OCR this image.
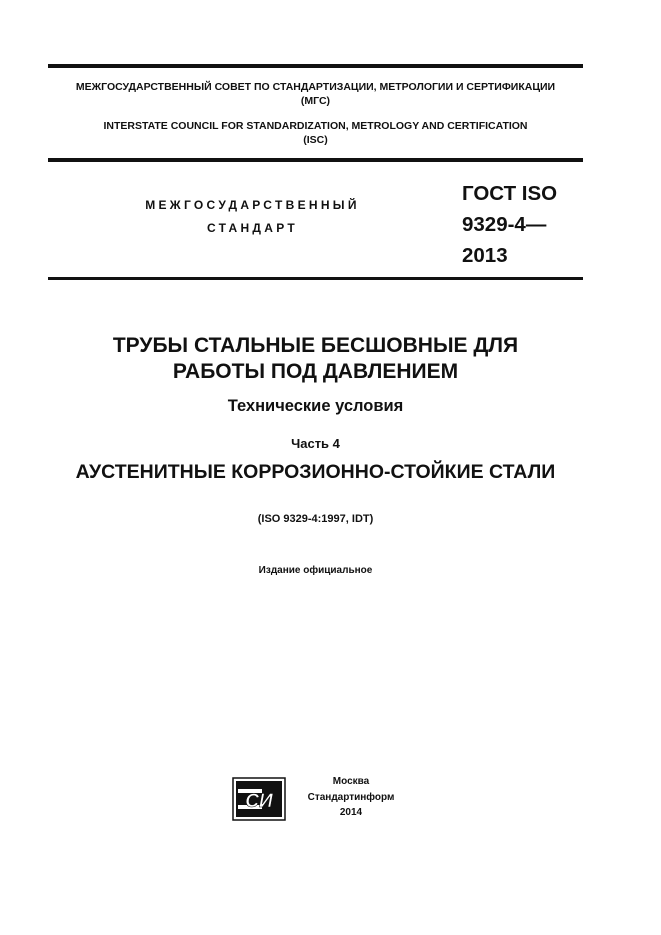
МЕЖГОСУДАРСТВЕННЫЙ СОВЕТ ПО СТАНДАРТИЗАЦИИ, МЕТРОЛОГИИ И СЕРТИФИКАЦИИ
(МГС)
INTERSTATE COUNCIL FOR STANDARDIZATION, METROLOGY AND CERTIFICATION
(ISC)
МЕЖГОСУДАРСТВЕННЫЙ
СТАНДАРТ
ГОСТ ISO
9329-4—
2013
ТРУБЫ СТАЛЬНЫЕ БЕСШОВНЫЕ ДЛЯ
РАБОТЫ ПОД ДАВЛЕНИЕМ
Технические условия
Часть 4
АУСТЕНИТНЫЕ КОРРОЗИОННО-СТОЙКИЕ СТАЛИ
(ISO 9329-4:1997, IDT)
Издание официальное
СИ
Москва
Стандартинформ
2014
